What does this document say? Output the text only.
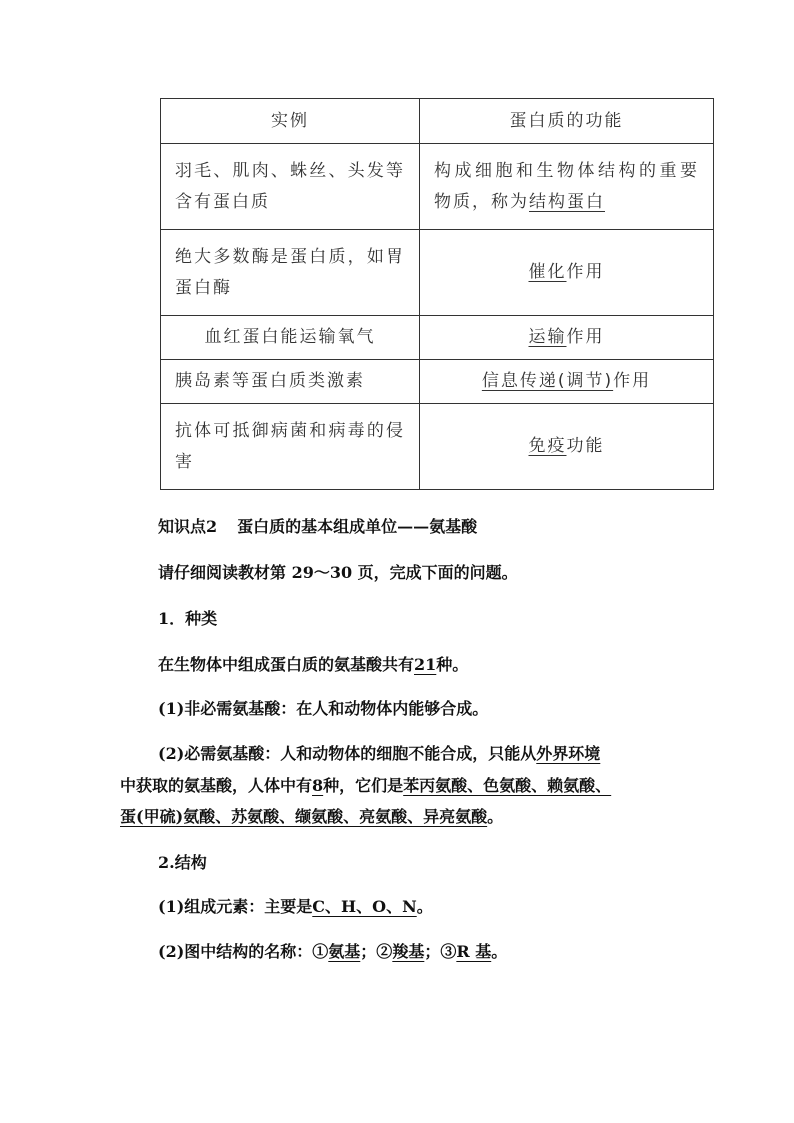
实例	蛋白质的功能
羽毛、肌肉、蛛丝、头发等含有蛋白质	构成细胞和生物体结构的重要物质，称为结构蛋白
绝大多数酶是蛋白质，如胃蛋白酶	催化作用
血红蛋白能运输氧气	运输作用
胰岛素等蛋白质类激素	信息传递(调节)作用
抗体可抵御病菌和病毒的侵害	免疫功能
知识点2 蛋白质的基本组成单位——氨基酸
请仔细阅读教材第 29～30 页，完成下面的问题。
1．种类
在生物体中组成蛋白质的氨基酸共有21种。
(1)非必需氨基酸：在人和动物体内能够合成。
(2)必需氨基酸：人和动物体的细胞不能合成，只能从外界环境
中获取的氨基酸，人体中有8种，它们是苯丙氨酸、色氨酸、赖氨酸、
蛋(甲硫)氨酸、苏氨酸、缬氨酸、亮氨酸、异亮氨酸。
2.结构
(1)组成元素：主要是C、H、O、N。
(2)图中结构的名称：①氨基；②羧基；③R 基。
